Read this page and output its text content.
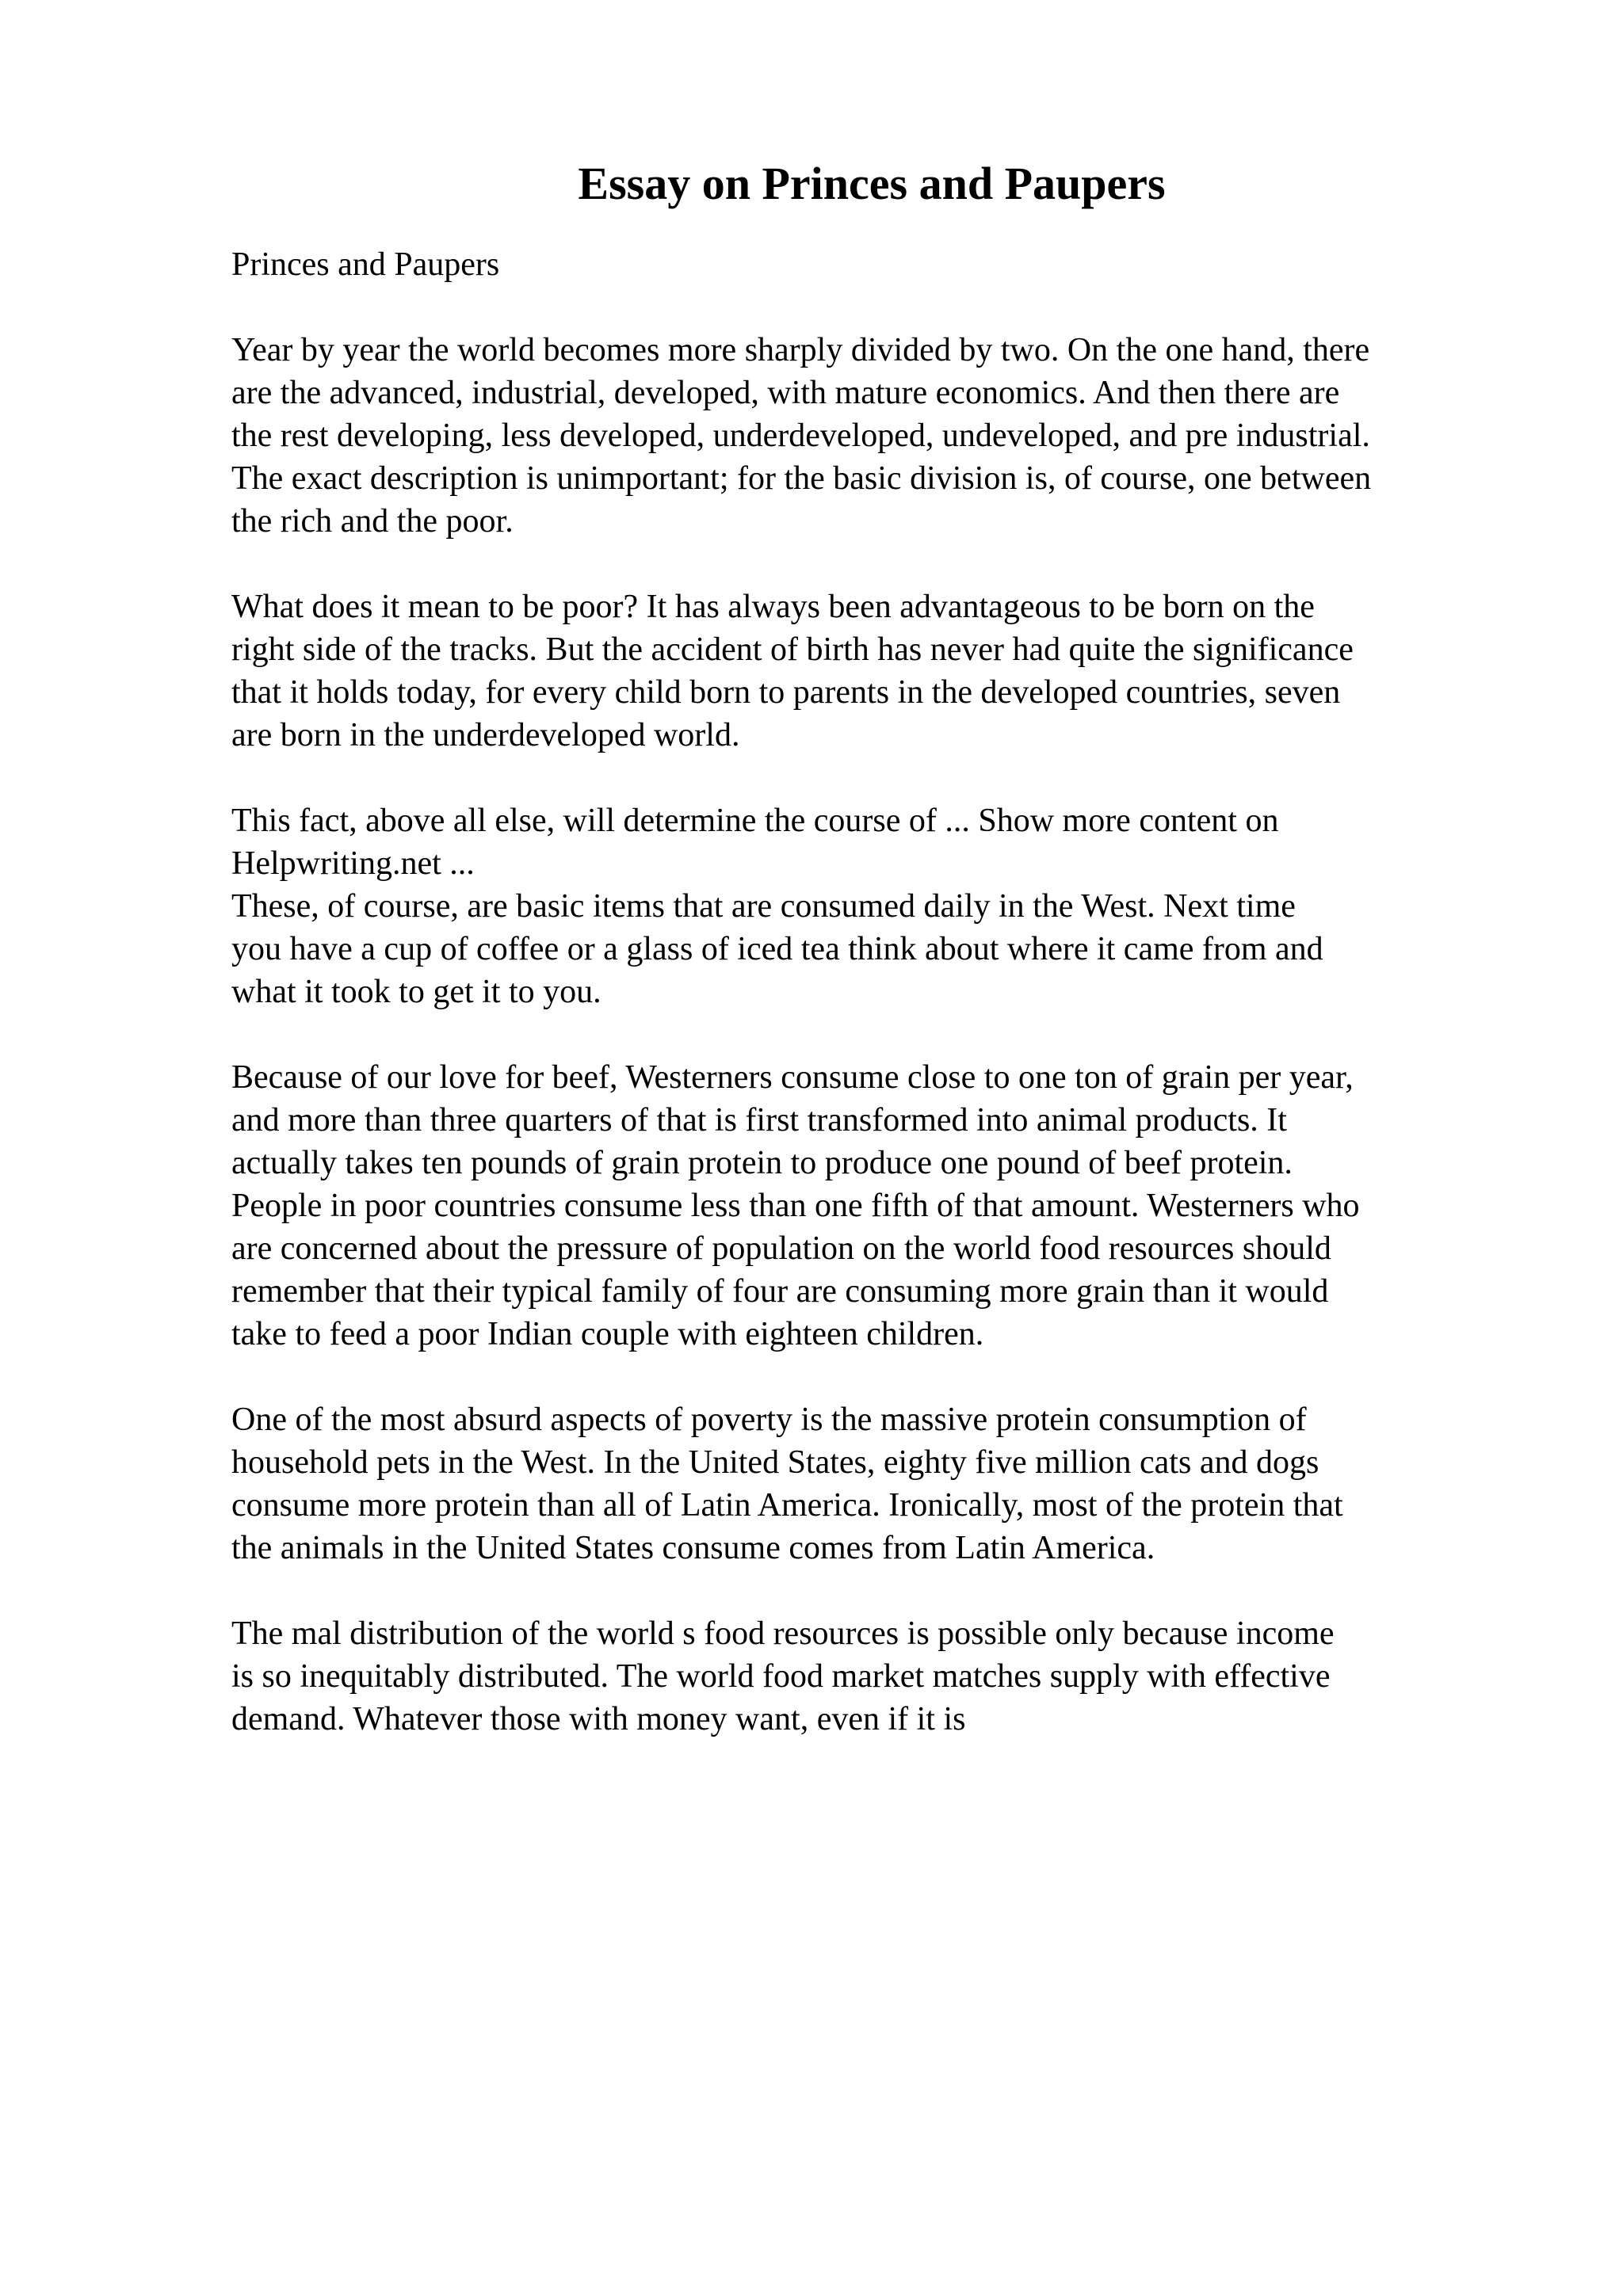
Essay on Princes and Paupers

Princes and Paupers

Year by year the world becomes more sharply divided by two. On the one hand, there
are the advanced, industrial, developed, with mature economics. And then there are
the rest developing, less developed, underdeveloped, undeveloped, and pre industrial.
The exact description is unimportant; for the basic division is, of course, one between
the rich and the poor.

What does it mean to be poor? It has always been advantageous to be born on the
right side of the tracks. But the accident of birth has never had quite the significance
that it holds today, for every child born to parents in the developed countries, seven
are born in the underdeveloped world.

This fact, above all else, will determine the course of ... Show more content on
Helpwriting.net ...

These, of course, are basic items that are consumed daily in the West. Next time
you have a cup of coffee or a glass of iced tea think about where it came from and
what it took to get it to you.

Because of our love for beef, Westerners consume close to one ton of grain per year,
and more than three quarters of that is first transformed into animal products. It
actually takes ten pounds of grain protein to produce one pound of beef protein.
People in poor countries consume less than one fifth of that amount. Westerners who
are concerned about the pressure of population on the world food resources should
remember that their typical family of four are consuming more grain than it would
take to feed a poor Indian couple with eighteen children.

One of the most absurd aspects of poverty is the massive protein consumption of
household pets in the West. In the United States, eighty five million cats and dogs
consume more protein than all of Latin America. Ironically, most of the protein that
the animals in the United States consume comes from Latin America.

The mal distribution of the world s food resources is possible only because income
is so inequitably distributed. The world food market matches supply with effective
demand. Whatever those with money want, even if it is
